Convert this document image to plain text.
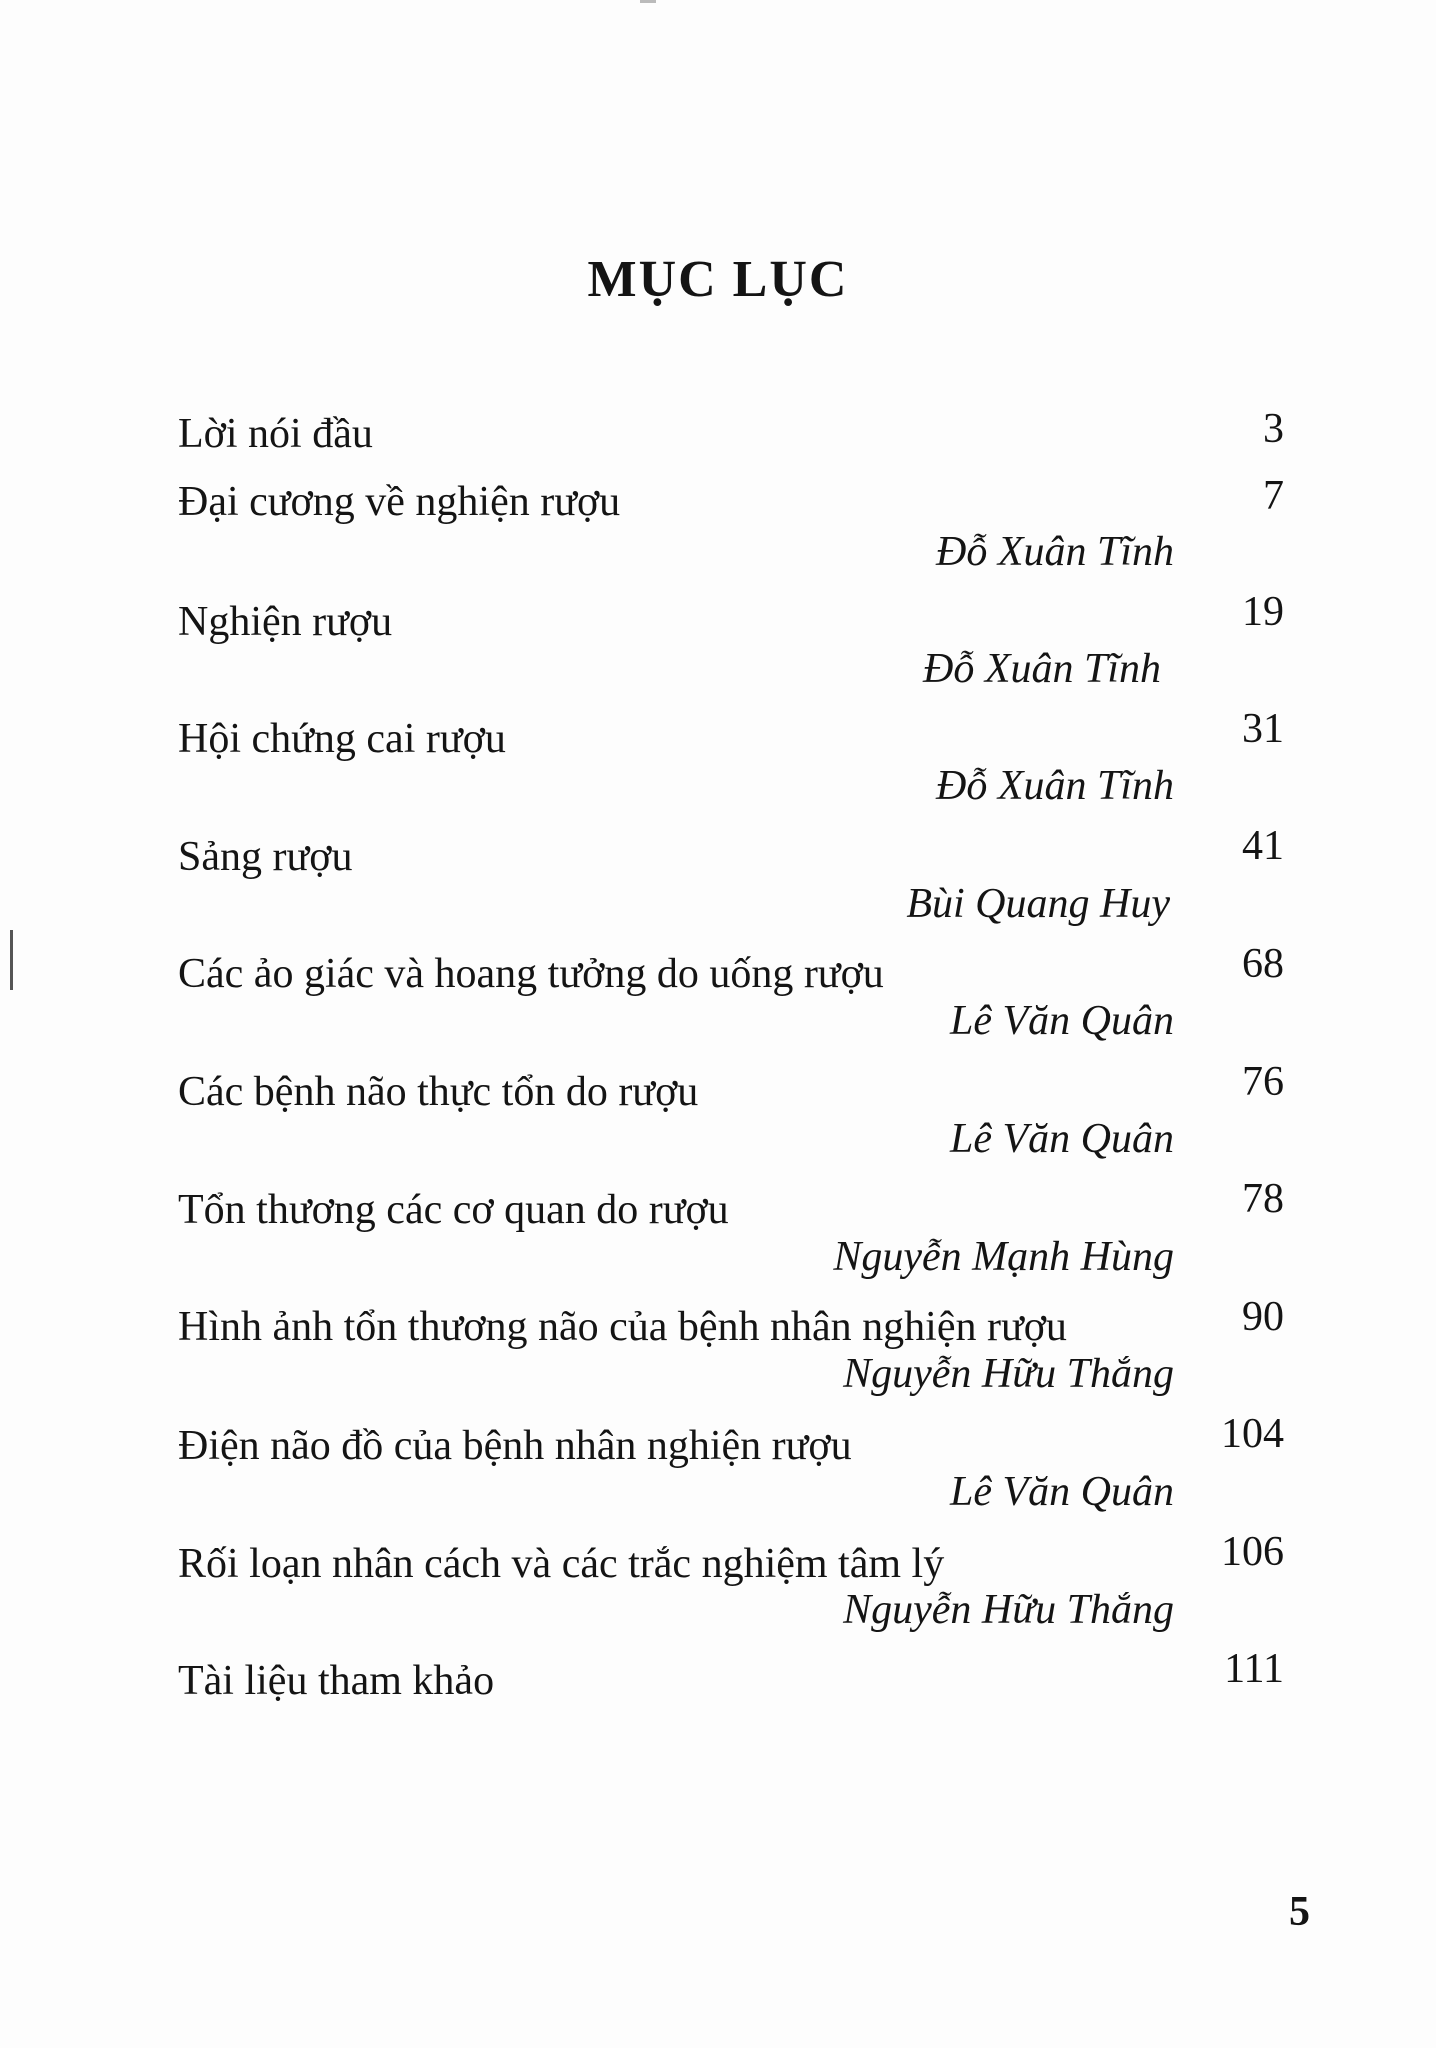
MỤC LỤC
Lời nói đầu	3
Đại cương về nghiện rượu	7
Đỗ Xuân Tĩnh
Nghiện rượu	19
Đỗ Xuân Tĩnh
Hội chứng cai rượu	31
Đỗ Xuân Tĩnh
Sảng rượu	41
Bùi Quang Huy
Các ảo giác và hoang tưởng do uống rượu	68
Lê Văn Quân
Các bệnh não thực tổn do rượu	76
Lê Văn Quân
Tổn thương các cơ quan do rượu	78
Nguyễn Mạnh Hùng
Hình ảnh tổn thương não của bệnh nhân nghiện rượu	90
Nguyễn Hữu Thắng
Điện não đồ của bệnh nhân nghiện rượu	104
Lê Văn Quân
Rối loạn nhân cách và các trắc nghiệm tâm lý	106
Nguyễn Hữu Thắng
Tài liệu tham khảo	111
5
